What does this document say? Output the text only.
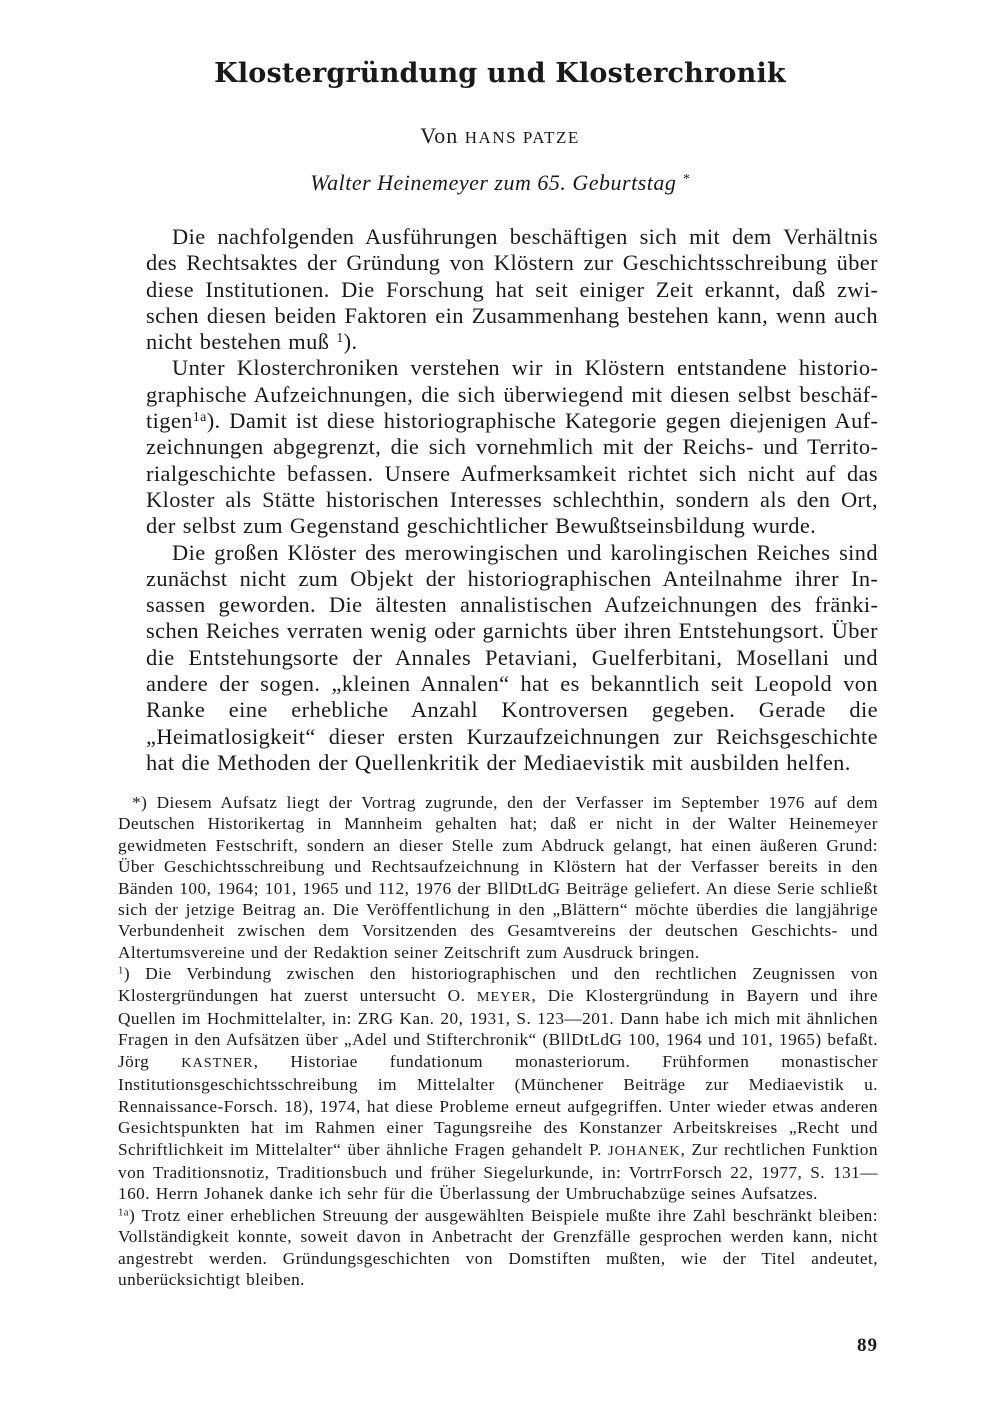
Klostergründung und Klosterchronik
Von HANS PATZE
Walter Heinemeyer zum 65. Geburtstag *

Die nachfolgenden Ausführungen beschäftigen sich mit dem Verhältnis des Rechtsaktes der Gründung von Klöstern zur Geschichtsschreibung über diese Institutionen. Die Forschung hat seit einiger Zeit erkannt, daß zwischen diesen beiden Faktoren ein Zusammenhang bestehen kann, wenn auch nicht bestehen muß $^1$).

Unter Klosterchroniken verstehen wir in Klöstern entstandene historiographische Aufzeichnungen, die sich überwiegend mit diesen selbst beschäftigen$^{1a}$). Damit ist diese historiographische Kategorie gegen diejenigen Aufzeichnungen abgegrenzt, die sich vornehmlich mit der Reichs- und Territorialgeschichte befassen. Unsere Aufmerksamkeit richtet sich nicht auf das Kloster als Stätte historischen Interesses schlechthin, sondern als den Ort, der selbst zum Gegenstand geschichtlicher Bewußtseinsbildung wurde.

Die großen Klöster des merowingischen und karolingischen Reiches sind zunächst nicht zum Objekt der historiographischen Anteilnahme ihrer Insassen geworden. Die ältesten annalistischen Aufzeichnungen des fränkischen Reiches verraten wenig oder garnichts über ihren Entstehungsort. Über die Entstehungsorte der Annales Petaviani, Guelferbitani, Mosellani und andere der sogen. „kleinen Annalen“ hat es bekanntlich seit Leopold von Ranke eine erhebliche Anzahl Kontroversen gegeben. Gerade die „Heimatlosigkeit“ dieser ersten Kurzaufzeichnungen zur Reichsgeschichte hat die Methoden der Quellenkritik der Mediaevistik mit ausbilden helfen.

*) Diesem Aufsatz liegt der Vortrag zugrunde, den der Verfasser im September 1976 auf dem Deutschen Historikertag in Mannheim gehalten hat; daß er nicht in der Walter Heinemeyer gewidmeten Festschrift, sondern an dieser Stelle zum Abdruck gelangt, hat einen äußeren Grund: Über Geschichtsschreibung und Rechtsaufzeichnung in Klöstern hat der Verfasser bereits in den Bänden 100, 1964; 101, 1965 und 112, 1976 der BllDtLdG Beiträge geliefert. An diese Serie schließt sich der jetzige Beitrag an. Die Veröffentlichung in den „Blättern“ möchte überdies die langjährige Verbundenheit zwischen dem Vorsitzenden des Gesamtvereins der deutschen Geschichts- und Altertumsvereine und der Redaktion seiner Zeitschrift zum Ausdruck bringen.

$^1$) Die Verbindung zwischen den historiographischen und den rechtlichen Zeugnissen von Klostergründungen hat zuerst untersucht O. MEYER, Die Klostergründung in Bayern und ihre Quellen im Hochmittelalter, in: ZRG Kan. 20, 1931, S. 123—201. Dann habe ich mich mit ähnlichen Fragen in den Aufsätzen über „Adel und Stifterchronik“ (BllDtLdG 100, 1964 und 101, 1965) befaßt. Jörg KASTNER, Historiae fundationum monasteriorum. Frühformen monastischer Institutionsgeschichtsschreibung im Mittelalter (Münchener Beiträge zur Mediaevistik u. Rennaissance-Forsch. 18), 1974, hat diese Probleme erneut aufgegriffen. Unter wieder etwas anderen Gesichtspunkten hat im Rahmen einer Tagungsreihe des Konstanzer Arbeitskreises „Recht und Schriftlichkeit im Mittelalter“ über ähnliche Fragen gehandelt P. JOHANEK, Zur rechtlichen Funktion von Traditionsnotiz, Traditionsbuch und früher Siegelurkunde, in: VortrrForsch 22, 1977, S. 131—160. Herrn Johanek danke ich sehr für die Überlassung der Umbruchabzüge seines Aufsatzes.

$^{1a}$) Trotz einer erheblichen Streuung der ausgewählten Beispiele mußte ihre Zahl beschränkt bleiben: Vollständigkeit konnte, soweit davon in Anbetracht der Grenzfälle gesprochen werden kann, nicht angestrebt werden. Gründungsgeschichten von Domstiften mußten, wie der Titel andeutet, unberücksichtigt bleiben.

89
